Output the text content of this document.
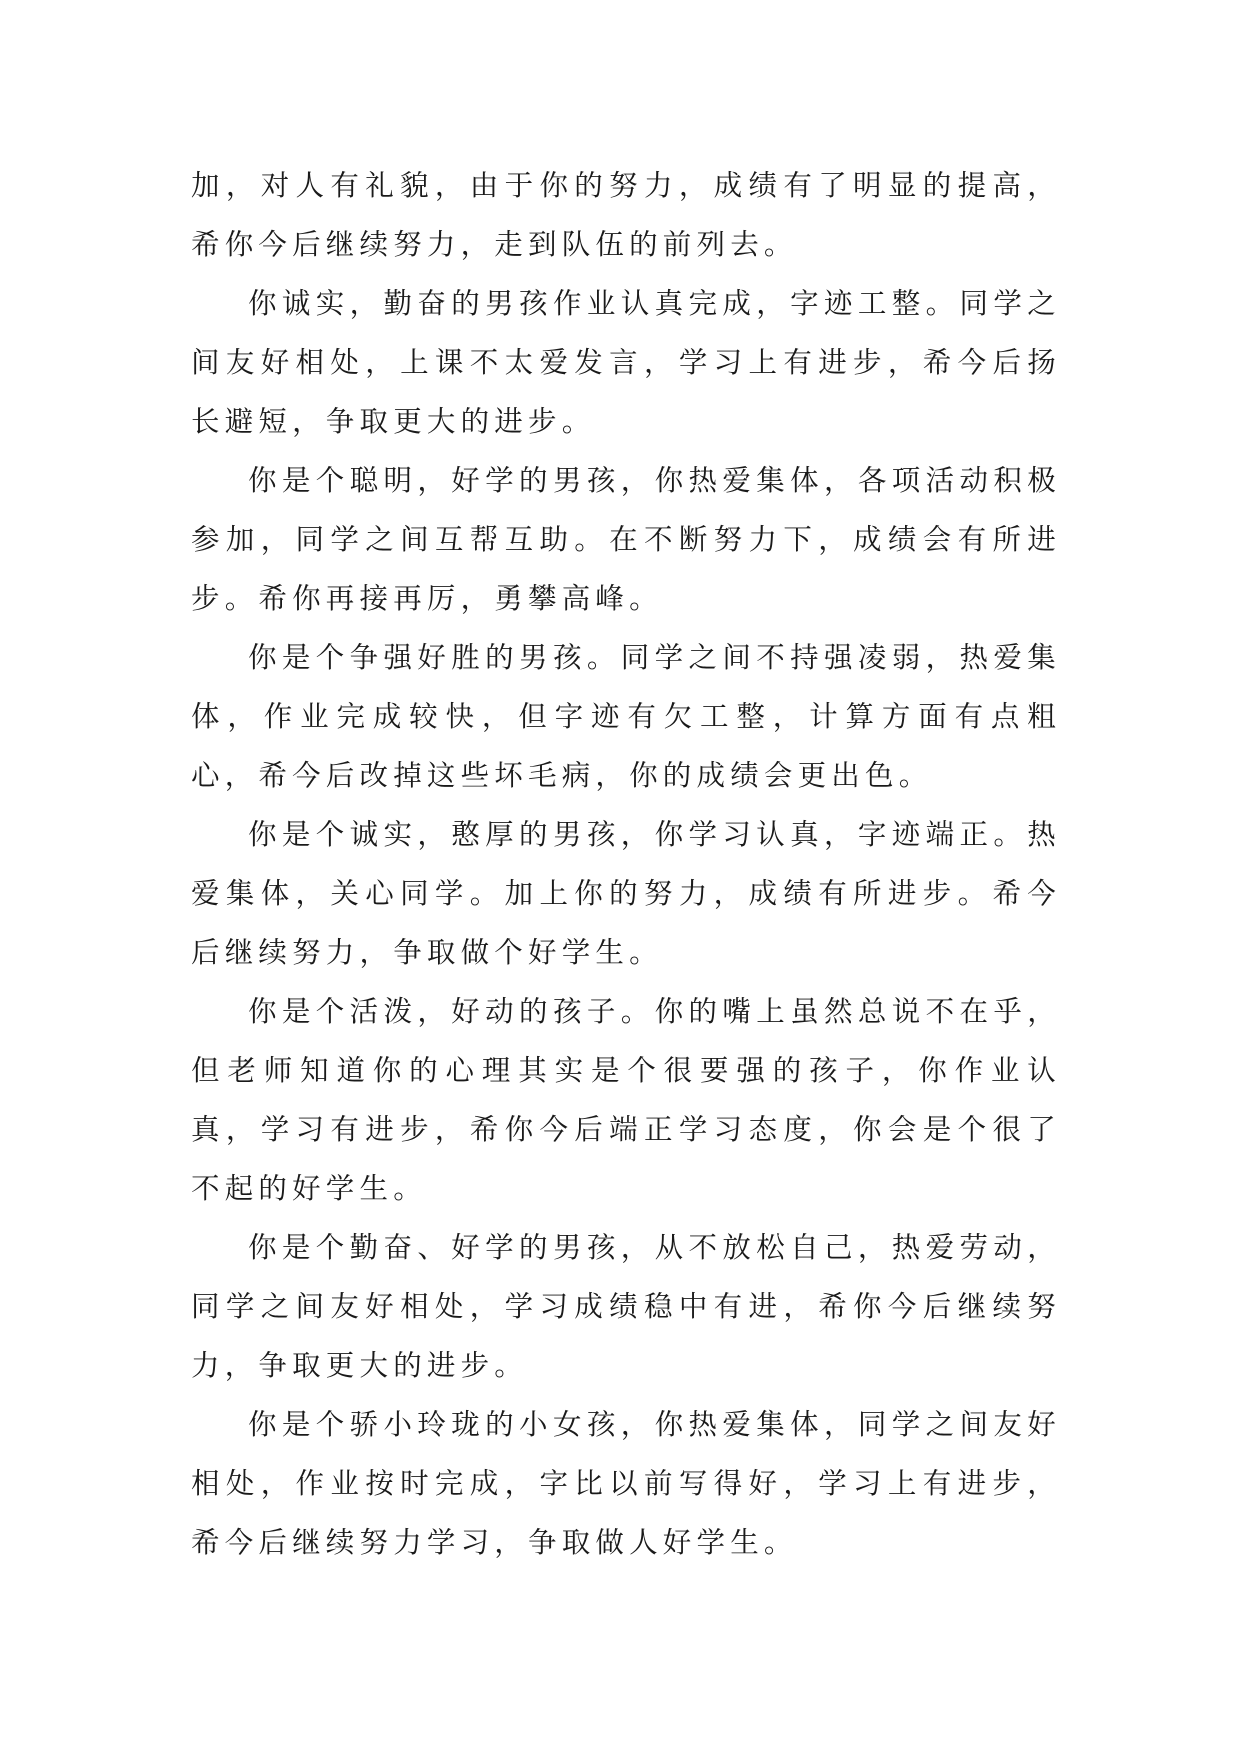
加，对人有礼貌，由于你的努力，成绩有了明显的提高，希你今后继续努力，走到队伍的前列去。

你诚实，勤奋的男孩作业认真完成，字迹工整。同学之间友好相处，上课不太爱发言，学习上有进步，希今后扬长避短，争取更大的进步。

你是个聪明，好学的男孩，你热爱集体，各项活动积极参加，同学之间互帮互助。在不断努力下，成绩会有所进步。希你再接再厉，勇攀高峰。

你是个争强好胜的男孩。同学之间不持强凌弱，热爱集体，作业完成较快，但字迹有欠工整，计算方面有点粗心，希今后改掉这些坏毛病，你的成绩会更出色。

你是个诚实，憨厚的男孩，你学习认真，字迹端正。热爱集体，关心同学。加上你的努力，成绩有所进步。希今后继续努力，争取做个好学生。

你是个活泼，好动的孩子。你的嘴上虽然总说不在乎，但老师知道你的心理其实是个很要强的孩子，你作业认真，学习有进步，希你今后端正学习态度，你会是个很了不起的好学生。

你是个勤奋、好学的男孩，从不放松自己，热爱劳动，同学之间友好相处，学习成绩稳中有进，希你今后继续努力，争取更大的进步。

你是个骄小玲珑的小女孩，你热爱集体，同学之间友好相处，作业按时完成，字比以前写得好，学习上有进步，希今后继续努力学习，争取做人好学生。
